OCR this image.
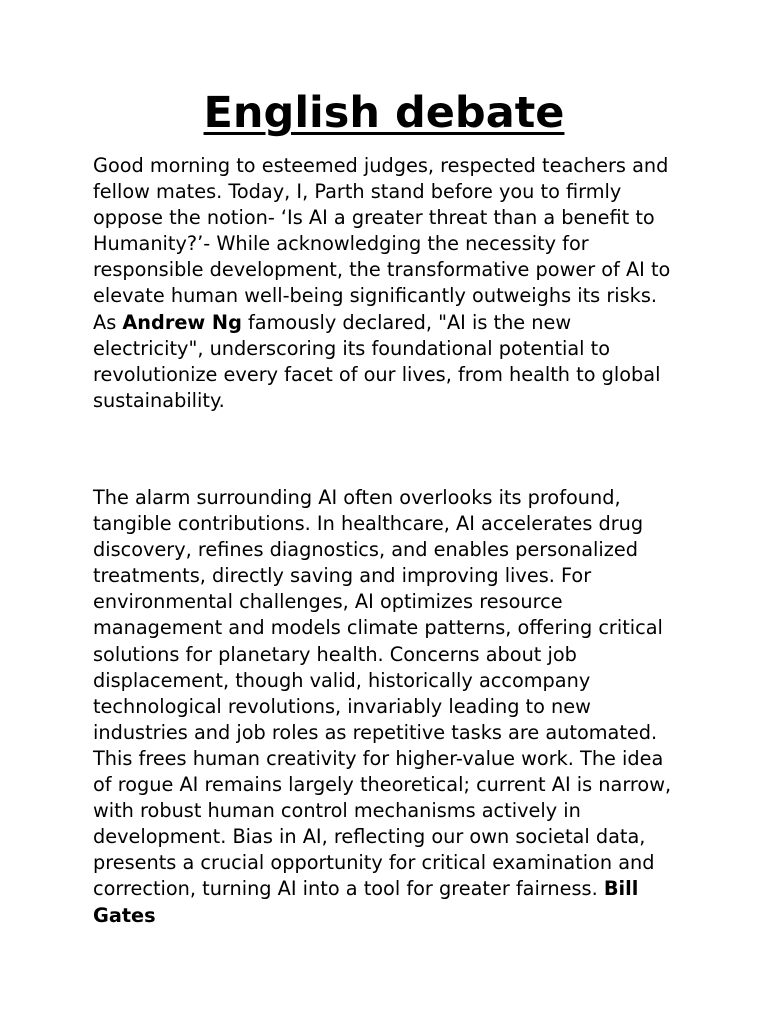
English debate

Good morning to esteemed judges, respected teachers and fellow mates. Today, I, Parth stand before you to firmly oppose the notion- ‘Is AI a greater threat than a benefit to Humanity?’- While acknowledging the necessity for responsible development, the transformative power of AI to elevate human well-being significantly outweighs its risks. As Andrew Ng famously declared, "AI is the new electricity", underscoring its foundational potential to revolutionize every facet of our lives, from health to global sustainability.

The alarm surrounding AI often overlooks its profound, tangible contributions. In healthcare, AI accelerates drug discovery, refines diagnostics, and enables personalized treatments, directly saving and improving lives. For environmental challenges, AI optimizes resource management and models climate patterns, offering critical solutions for planetary health. Concerns about job displacement, though valid, historically accompany technological revolutions, invariably leading to new industries and job roles as repetitive tasks are automated. This frees human creativity for higher-value work. The idea of rogue AI remains largely theoretical; current AI is narrow, with robust human control mechanisms actively in development. Bias in AI, reflecting our own societal data, presents a crucial opportunity for critical examination and correction, turning AI into a tool for greater fairness. Bill Gates
